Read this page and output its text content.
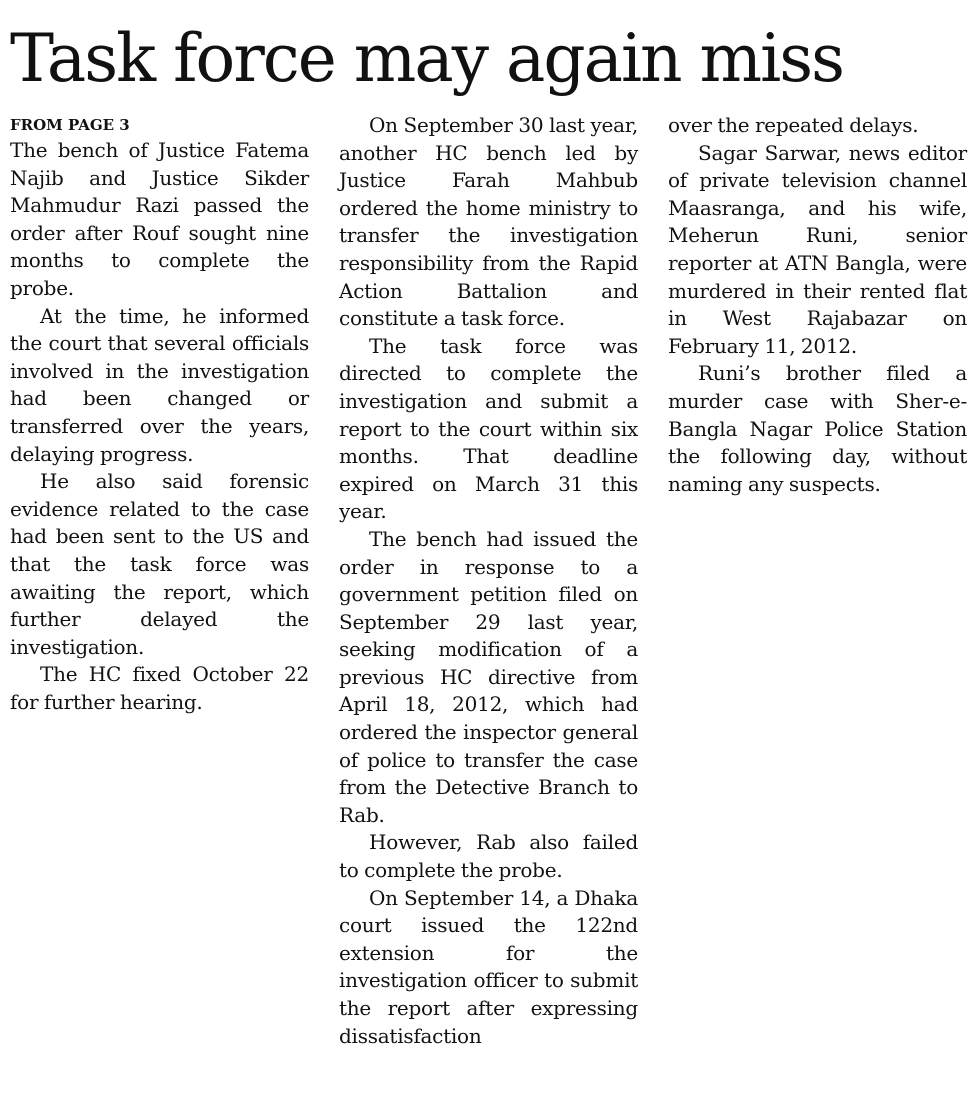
Task force may again miss
FROM PAGE 3

The bench of Justice Fatema Najib and Justice Sikder Mahmudur Razi passed the order after Rouf sought nine months to complete the probe.

At the time, he informed the court that several officials involved in the investigation had been changed or transferred over the years, delaying progress.

He also said forensic evidence related to the case had been sent to the US and that the task force was awaiting the report, which further delayed the investigation.

The HC fixed October 22 for further hearing.

On September 30 last year, another HC bench led by Justice Farah Mahbub ordered the home ministry to transfer the investigation responsibility from the Rapid Action Battalion and constitute a task force.

The task force was directed to complete the investigation and submit a report to the court within six months. That deadline expired on March 31 this year.

The bench had issued the order in response to a government petition filed on September 29 last year, seeking modification of a previous HC directive from April 18, 2012, which had ordered the inspector general of police to transfer the case from the Detective Branch to Rab.

However, Rab also failed to complete the probe.

On September 14, a Dhaka court issued the 122nd extension for the investigation officer to submit the report after expressing dissatisfaction

over the repeated delays.

Sagar Sarwar, news editor of private television channel Maasranga, and his wife, Meherun Runi, senior reporter at ATN Bangla, were murdered in their rented flat in West Rajabazar on February 11, 2012.

Runi’s brother filed a murder case with Sher-e-Bangla Nagar Police Station the following day, without naming any suspects.
